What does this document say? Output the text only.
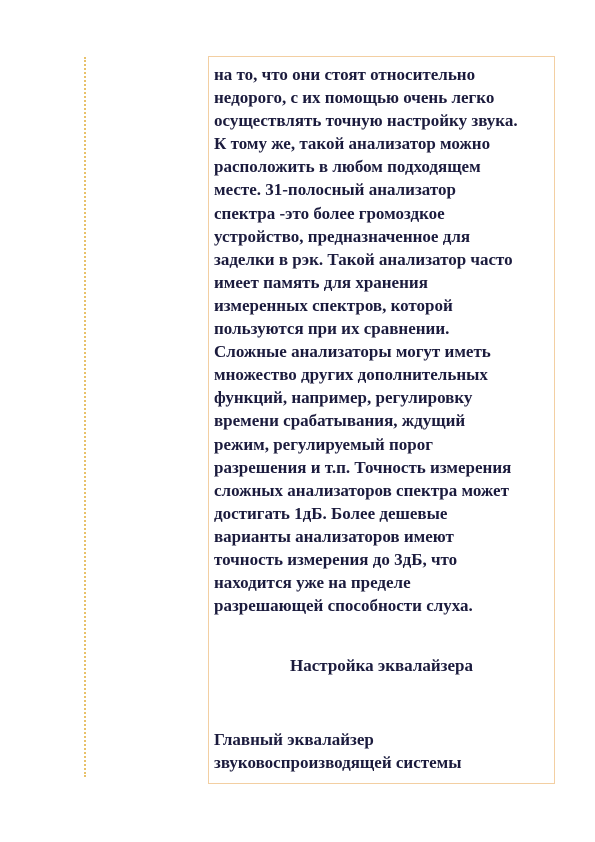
на то, что они стоят относительно
недорого, с их помощью очень легко
осуществлять точную настройку звука.
К тому же, такой анализатор можно
расположить в любом подходящем
месте. 31-полосный анализатор
спектра -это более громоздкое
устройство, предназначенное для
заделки в рэк. Такой анализатор часто
имеет память для хранения
измеренных спектров, которой
пользуются при их сравнении.
Сложные анализаторы могут иметь
множество других дополнительных
функций, например, регулировку
времени срабатывания, ждущий
режим, регулируемый порог
разрешения и т.п. Точность измерения
сложных анализаторов спектра может
достигать 1дБ. Более дешевые
варианты анализаторов имеют
точность измерения до 3дБ, что
находится уже на пределе
разрешающей способности слуха.
Настройка эквалайзера
Главный эквалайзер
звуковоспроизводящей системы
